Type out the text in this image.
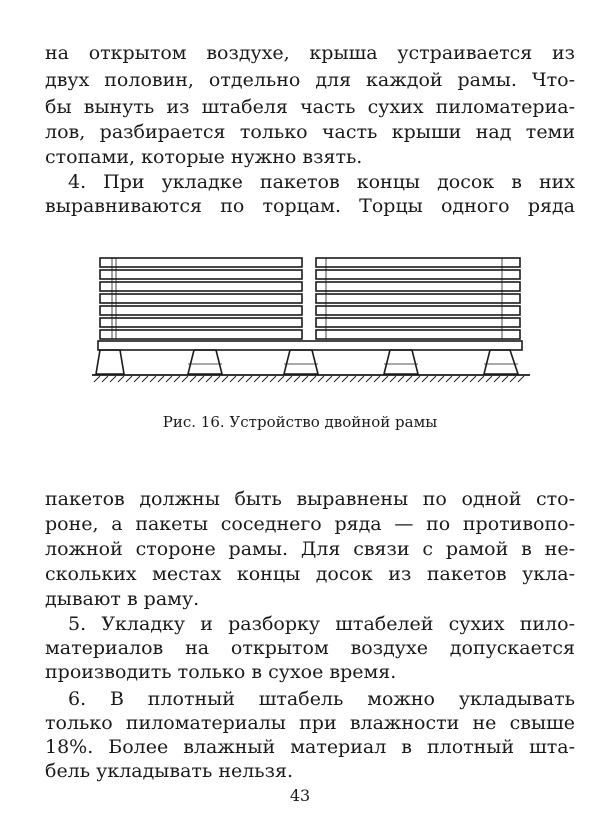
на открытом воздухе, крыша устраивается из
двух половин, отдельно для каждой рамы. Что-
бы вынуть из штабеля часть сухих пиломатериа-
лов, разбирается только часть крыши над теми
стопами, которые нужно взять.
4. При укладке пакетов концы досок в них
выравниваются по торцам. Торцы одного ряда
Рис. 16. Устройство двойной рамы
пакетов должны быть выравнены по одной сто-
роне, а пакеты соседнего ряда — по противопо-
ложной стороне рамы. Для связи с рамой в не-
скольких местах концы досок из пакетов укла-
дывают в раму.
5. Укладку и разборку штабелей сухих пило-
материалов на открытом воздухе допускается
производить только в сухое время.
6. В плотный штабель можно укладывать
только пиломатериалы при влажности не свыше
18%. Более влажный материал в плотный шта-
бель укладывать нельзя.
43
